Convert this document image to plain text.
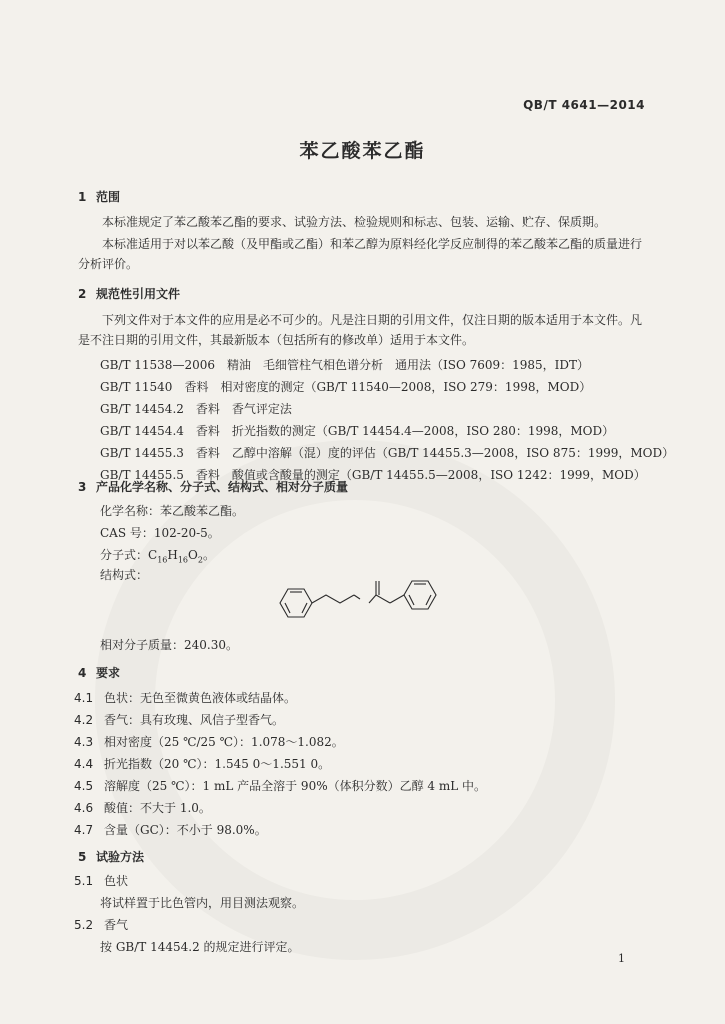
QB/T 4641—2014
苯乙酸苯乙酯
1 范围
本标准规定了苯乙酸苯乙酯的要求、试验方法、检验规则和标志、包装、运输、贮存、保质期。
本标准适用于对以苯乙酸（及甲酯或乙酯）和苯乙醇为原料经化学反应制得的苯乙酸苯乙酯的质量进行分析评价。
2 规范性引用文件
下列文件对于本文件的应用是必不可少的。凡是注日期的引用文件，仅注日期的版本适用于本文件。凡是不注日期的引用文件，其最新版本（包括所有的修改单）适用于本文件。
GB/T 11538—2006　精油　毛细管柱气相色谱分析　通用法（ISO 7609：1985，IDT）
GB/T 11540　香料　相对密度的测定（GB/T 11540—2008，ISO 279：1998，MOD）
GB/T 14454.2　香料　香气评定法
GB/T 14454.4　香料　折光指数的测定（GB/T 14454.4—2008，ISO 280：1998，MOD）
GB/T 14455.3　香料　乙醇中溶解（混）度的评估（GB/T 14455.3—2008，ISO 875：1999，MOD）
GB/T 14455.5　香料　酸值或含酸量的测定（GB/T 14455.5—2008，ISO 1242：1999，MOD）
3 产品化学名称、分子式、结构式、相对分子质量
化学名称：苯乙酸苯乙酯。
CAS 号：102-20-5。
分子式：$C_{16}H_{16}O_2$。
结构式：
相对分子质量：240.30。
4 要求
4.1 色状：无色至微黄色液体或结晶体。
4.2 香气：具有玫瑰、风信子型香气。
4.3 相对密度（25 ℃/25 ℃）：1.078～1.082。
4.4 折光指数（20 ℃）：1.545 0～1.551 0。
4.5 溶解度（25 ℃）：1 mL 产品全溶于 90%（体积分数）乙醇 4 mL 中。
4.6 酸值：不大于 1.0。
4.7 含量（GC）：不小于 98.0%。
5 试验方法
5.1 色状
将试样置于比色管内，用目测法观察。
5.2 香气
按 GB/T 14454.2 的规定进行评定。
1
